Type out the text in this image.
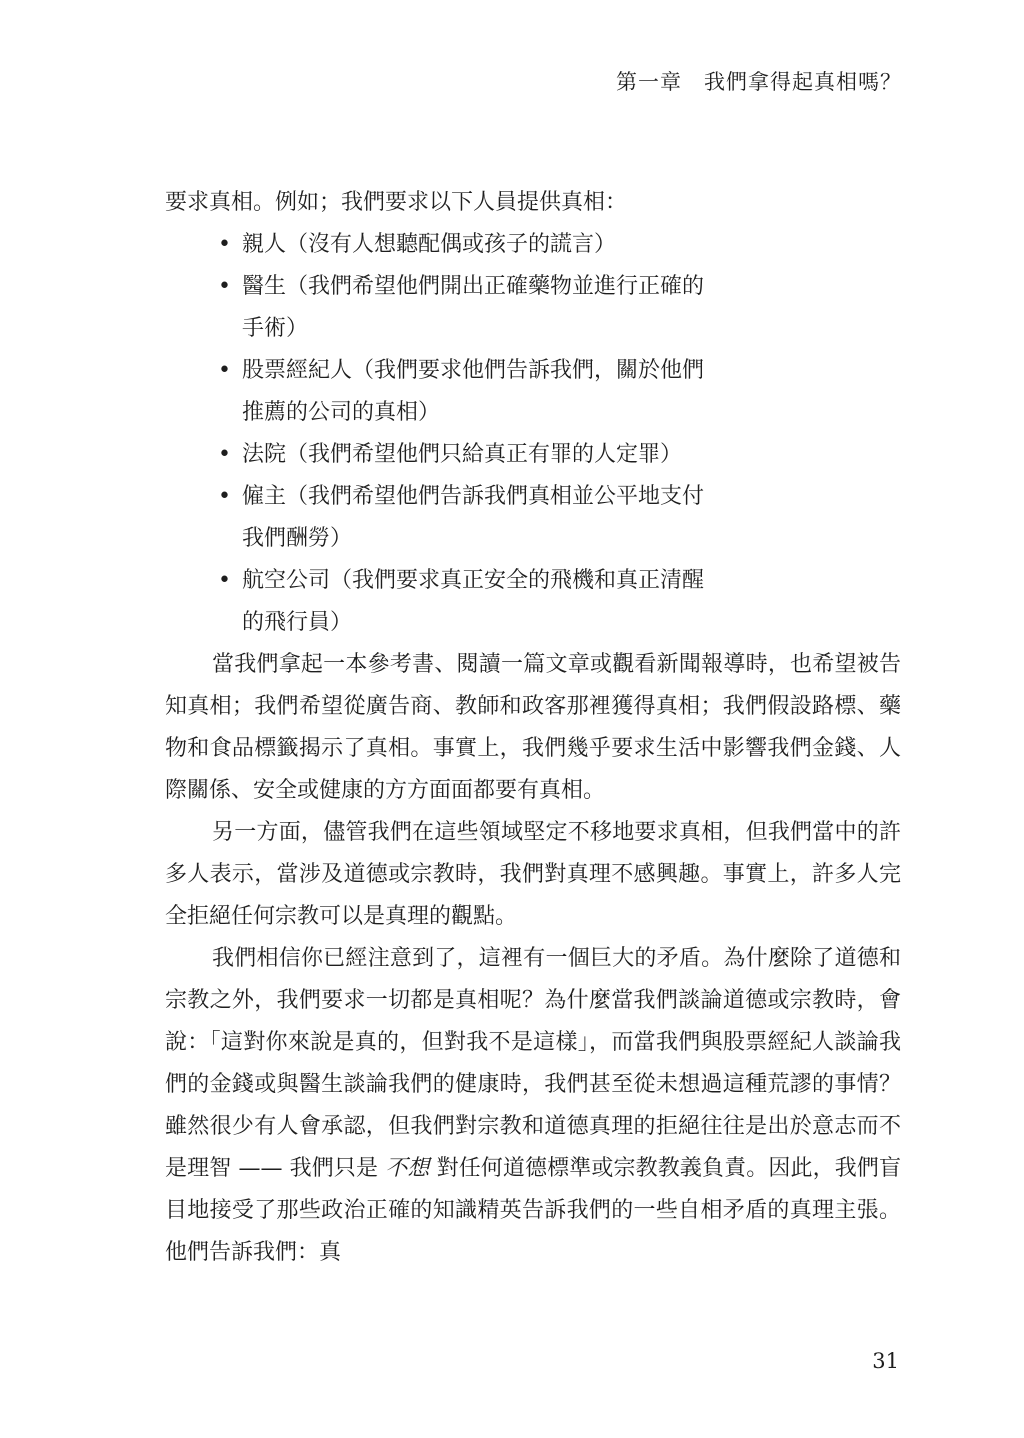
第一章　我們拿得起真相嗎？

要求真相。例如；我們要求以下人員提供真相：

• 親人（沒有人想聽配偶或孩子的謊言）
• 醫生（我們希望他們開出正確藥物並進行正確的手術）
• 股票經紀人（我們要求他們告訴我們，關於他們推薦的公司的真相）
• 法院（我們希望他們只給真正有罪的人定罪）
• 僱主（我們希望他們告訴我們真相並公平地支付我們酬勞）
• 航空公司（我們要求真正安全的飛機和真正清醒的飛行員）

當我們拿起一本參考書、閱讀一篇文章或觀看新聞報導時，也希望被告知真相；我們希望從廣告商、教師和政客那裡獲得真相；我們假設路標、藥物和食品標籤揭示了真相。事實上，我們幾乎要求生活中影響我們金錢、人際關係、安全或健康的方方面面都要有真相。

另一方面，儘管我們在這些領域堅定不移地要求真相，但我們當中的許多人表示，當涉及道德或宗教時，我們對真理不感興趣。事實上，許多人完全拒絕任何宗教可以是真理的觀點。

我們相信你已經注意到了，這裡有一個巨大的矛盾。為什麼除了道德和宗教之外，我們要求一切都是真相呢？為什麼當我們談論道德或宗教時，會說：「這對你來說是真的，但對我不是這樣」，而當我們與股票經紀人談論我們的金錢或與醫生談論我們的健康時，我們甚至從未想過這種荒謬的事情？雖然很少有人會承認，但我們對宗教和道德真理的拒絕往往是出於意志而不是理智 —— 我們只是 不想 對任何道德標準或宗教教義負責。因此，我們盲目地接受了那些政治正確的知識精英告訴我們的一些自相矛盾的真理主張。他們告訴我們：真

31
